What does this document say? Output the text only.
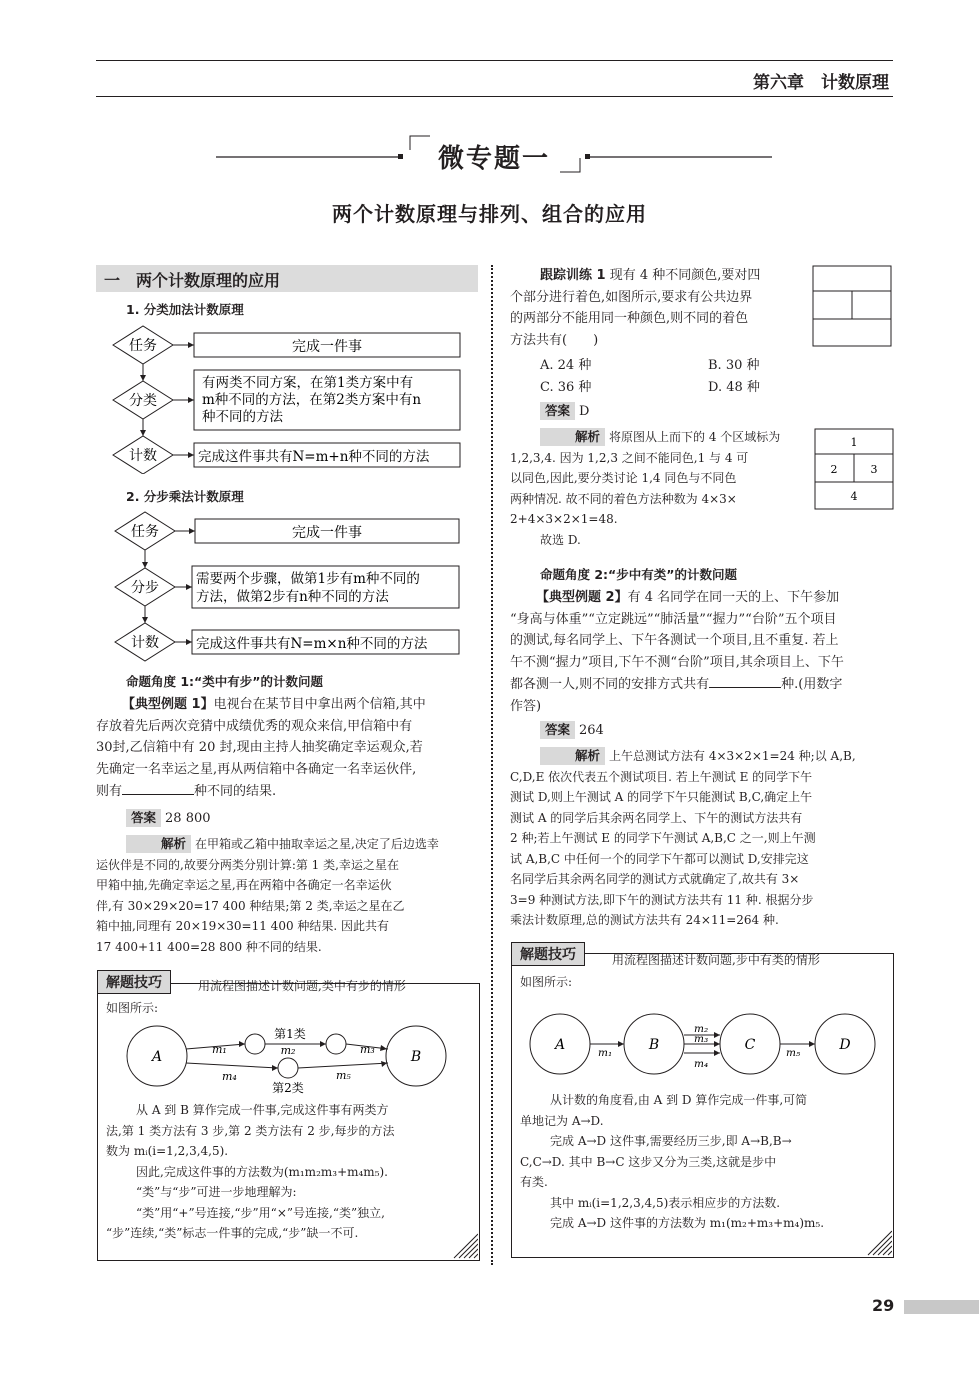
第六章　计数原理
微专题一
两个计数原理与排列、组合的应用
一　两个计数原理的应用
1. 分类加法计数原理
任务	完成一件事
分类
有两类不同方案，在第1类方案中有
m种不同的方法，在第2类方案中有n
种不同的方法
计数	完成这件事共有N=m+n种不同的方法
2. 分步乘法计数原理
任务	完成一件事
分步
需要两个步骤，做第1步有m种不同的
方法，做第2步有n种不同的方法
计数	完成这件事共有N=m×n种不同的方法
命题角度 1:“类中有步”的计数问题
【典型例题 1】电视台在某节目中拿出两个信箱,其中
存放着先后两次竞猜中成绩优秀的观众来信,甲信箱中有
30封,乙信箱中有 20 封,现由主持人抽奖确定幸运观众,若
先确定一名幸运之星,再从两信箱中各确定一名幸运伙伴,
则有	种不同的结果.
答案 28 800
解析 在甲箱或乙箱中抽取幸运之星,决定了后边选幸
运伙伴是不同的,故要分两类分别计算:第 1 类,幸运之星在
甲箱中抽,先确定幸运之星,再在两箱中各确定一名幸运伙
伴,有 30×29×20=17 400 种结果;第 2 类,幸运之星在乙
箱中抽,同理有 20×19×30=11 400 种结果. 因此共有
17 400+11 400=28 800 种不同的结果.
解题技巧	用流程图描述计数问题,类中有步的情形
如图所示:
A	B
第1类
第2类
m₁	m₂	m₃
m₄	m₅
从 A 到 B 算作完成一件事,完成这件事有两类方
法,第 1 类方法有 3 步,第 2 类方法有 2 步,每步的方法
数为 mᵢ(i=1,2,3,4,5).
因此,完成这件事的方法数为(m₁m₂m₃+m₄m₅).
“类”与“步”可进一步地理解为:
“类”用“+”号连接,“步”用“×”号连接,“类”独立,
“步”连续,“类”标志一件事的完成,“步”缺一不可.
跟踪训练 1 现有 4 种不同颜色,要对四
个部分进行着色,如图所示,要求有公共边界
的两部分不能用同一种颜色,则不同的着色
方法共有(　　)
A. 24 种	B. 30 种
C. 36 种	D. 48 种
答案 D
解析 将原图从上而下的 4 个区域标为
1,2,3,4. 因为 1,2,3 之间不能同色,1 与 4 可
以同色,因此,要分类讨论 1,4 同色与不同色
两种情况. 故不同的着色方法种数为 4×3×
2+4×3×2×1=48.
故选 D.
1
2	3
4
命题角度 2:“步中有类”的计数问题
【典型例题 2】有 4 名同学在同一天的上、下午参加
“身高与体重”“立定跳远”“肺活量”“握力”“台阶”五个项目
的测试,每名同学上、下午各测试一个项目,且不重复. 若上
午不测“握力”项目,下午不测“台阶”项目,其余项目上、下午
都各测一人,则不同的安排方式共有	种.(用数字
作答)
答案 264
解析 上午总测试方法有 4×3×2×1=24 种;以 A,B,
C,D,E 依次代表五个测试项目. 若上午测试 E 的同学下午
测试 D,则上午测试 A 的同学下午只能测试 B,C,确定上午
测试 A 的同学后其余两名同学上、下午的测试方法共有
2 种;若上午测试 E 的同学下午测试 A,B,C 之一,则上午测
试 A,B,C 中任何一个的同学下午都可以测试 D,安排完这
名同学后其余两名同学的测试方式就确定了,故共有 3×
3=9 种测试方法,即下午的测试方法共有 11 种. 根据分步
乘法计数原理,总的测试方法共有 24×11=264 种.
解题技巧	用流程图描述计数问题,步中有类的情形
如图所示:
A	B	C	D
m₁
m₂
m₃
m₄
m₅
从计数的角度看,由 A 到 D 算作完成一件事,可简
单地记为 A→D.
完成 A→D 这件事,需要经历三步,即 A→B,B→
C,C→D. 其中 B→C 这步又分为三类,这就是步中
有类.
其中 mᵢ(i=1,2,3,4,5)表示相应步的方法数.
完成 A→D 这件事的方法数为 m₁(m₂+m₃+m₄)m₅.
29
